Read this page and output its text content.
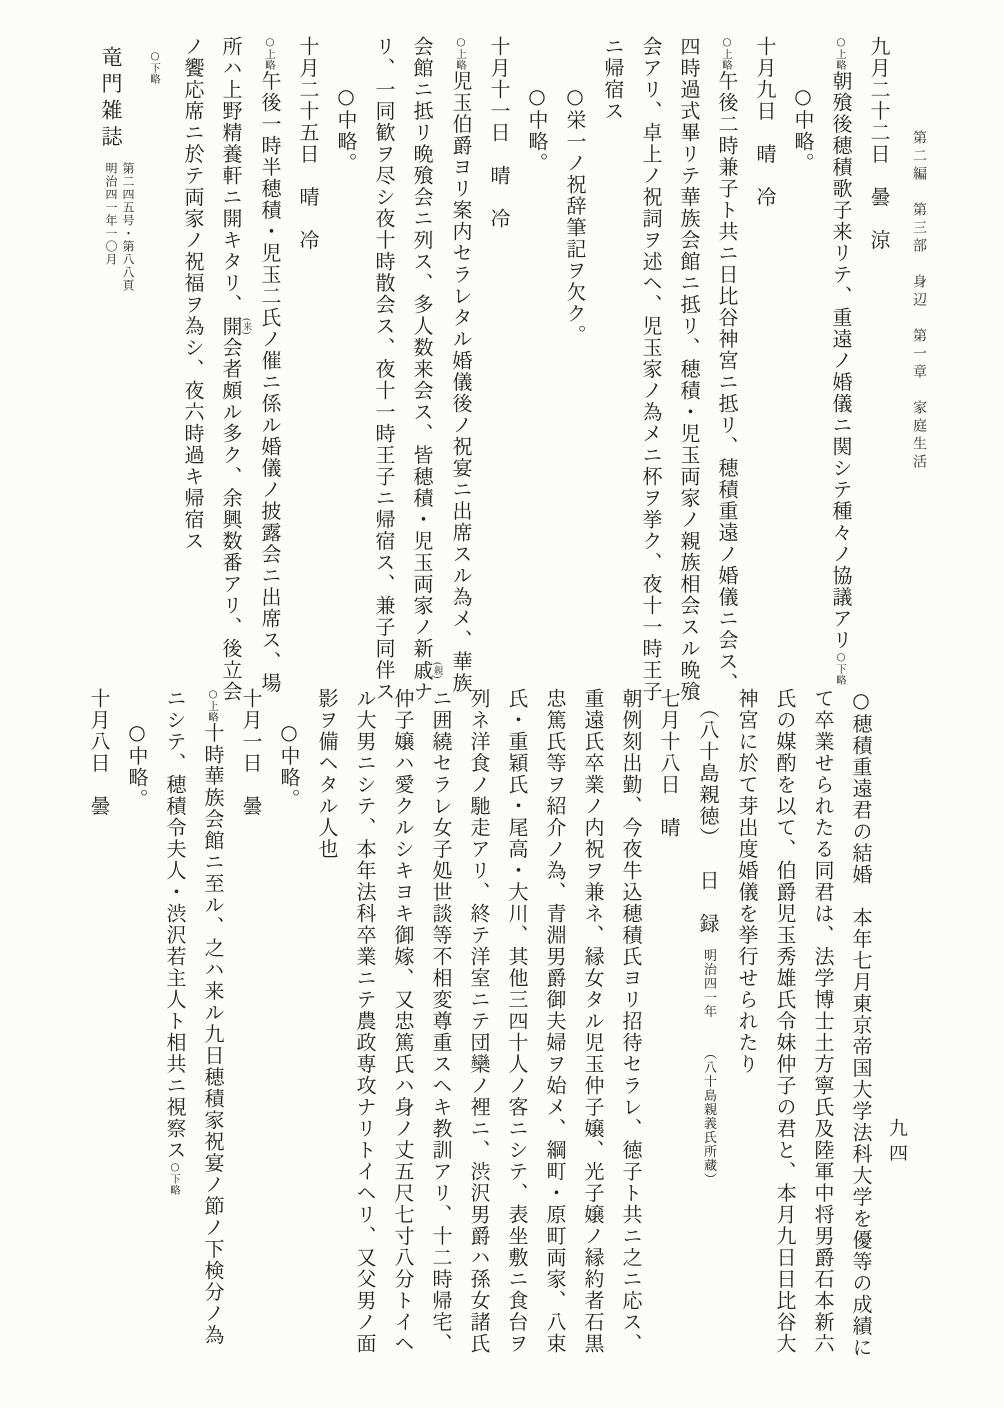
第二編　第三部　身辺　第一章　家庭生活
九月二十二日　曇　涼
○上略朝飱後穂積歌子来リテ、重遠ノ婚儀ニ関シテ種々ノ協議アリ○下略
○中略。
十月九日　晴　冷
○上略午後二時兼子ト共ニ日比谷神宮ニ抵リ、穂積重遠ノ婚儀ニ会ス、
四時過式畢リテ華族会館ニ抵リ、穂積・児玉両家ノ親族相会スル晩飱
会アリ、卓上ノ祝詞ヲ述ヘ、児玉家ノ為メニ杯ヲ挙ク、夜十一時王子
ニ帰宿ス
○栄一ノ祝辞筆記ヲ欠ク。
○中略。
十月十一日　晴　冷
○上略児玉伯爵ヨリ案内セラレタル婚儀後ノ祝宴ニ出席スル為メ、華族
会館ニ抵リ晩飱会ニ列ス、多人数来会ス、皆穂積・児玉両家ノ新戚(親)ナ
リ、一同歓ヲ尽シ夜十時散会ス、夜十一時王子ニ帰宿ス、兼子同伴ス
○中略。
十月二十五日　晴　冷
○上略午後一時半穂積・児玉二氏ノ催ニ係ル婚儀ノ披露会ニ出席ス、場
所ハ上野精養軒ニ開キタリ、開(来)会者頗ル多ク、余興数番アリ、後立会
ノ饗応席ニ於テ両家ノ祝福ヲ為シ、夜六時過キ帰宿ス
○下略
竜門雑誌
第二四五号・第八八頁
明治四一年一〇月
○穂積重遠君の結婚　本年七月東京帝国大学法科大学を優等の成績に
て卒業せられたる同君は、法学博士土方寧氏及陸軍中将男爵石本新六
氏の媒酌を以て、伯爵児玉秀雄氏令妹仲子の君と、本月九日日比谷大
神宮に於て芽出度婚儀を挙行せられたり
︵八十島親徳︶　日　録　明治四一年　　︵八十島親義氏所蔵︶
七月十八日　晴
朝例刻出勤、今夜牛込穂積氏ヨリ招待セラレ、徳子ト共ニ之ニ応ス、
重遠氏卒業ノ内祝ヲ兼ネ、縁女タル児玉仲子嬢、光子嬢ノ縁約者石黒
忠篤氏等ヲ紹介ノ為、青淵男爵御夫婦ヲ始メ、綱町・原町両家、八束
氏・重穎氏・尾高・大川、其他三四十人ノ客ニシテ、表坐敷ニ食台ヲ
列ネ洋食ノ馳走アリ、終テ洋室ニテ団欒ノ裡ニ、渋沢男爵ハ孫女諸氏
ニ囲繞セラレ女子処世談等不相変尊重スヘキ教訓アリ、十二時帰宅、
仲子嬢ハ愛クルシキヨキ御嫁、又忠篤氏ハ身ノ丈五尺七寸八分トイヘ
ル大男ニシテ、本年法科卒業ニテ農政専攻ナリトイヘリ、又父男ノ面
影ヲ備ヘタル人也
○中略。
十月一日　曇
○上略十時華族会館ニ至ル、之ハ来ル九日穂積家祝宴ノ節ノ下検分ノ為
ニシテ、穂積令夫人・渋沢若主人ト相共ニ視察ス○下略
○中略。
十月八日　曇
九四
